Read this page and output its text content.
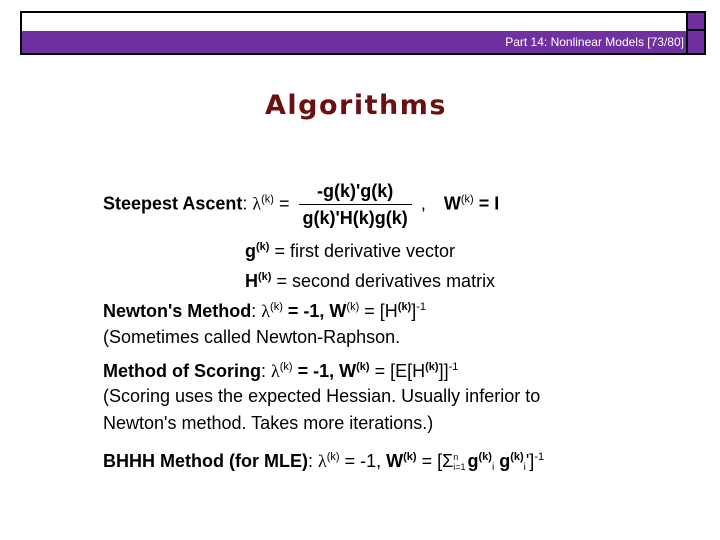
Part 14: Nonlinear Models [73/80]
Algorithms
Steepest Ascent: $\lambda^{(k)} = \frac{-g(k)'g(k)}{g(k)'H(k)g(k)}$ , $W^{(k)} = I$
$g^{(k)}$ = first derivative vector
$H^{(k)}$ = second derivatives matrix
Newton's Method: $\lambda^{(k)} = -1$, $W^{(k)} = [H^{(k)}]^{-1}$
(Sometimes called Newton-Raphson.
Method of Scoring: $\lambda^{(k)} = -1$, $W^{(k)} = [E[H^{(k)}]]^{-1}$
(Scoring uses the expected Hessian. Usually inferior to
Newton's method. Takes more iterations.)
BHHH Method (for MLE): $\lambda^{(k)} = -1$, $W^{(k)} = [\Sigma$ n
i=1 $g^{(k)}_i$ $g^{(k)}_i']^{-1}$
